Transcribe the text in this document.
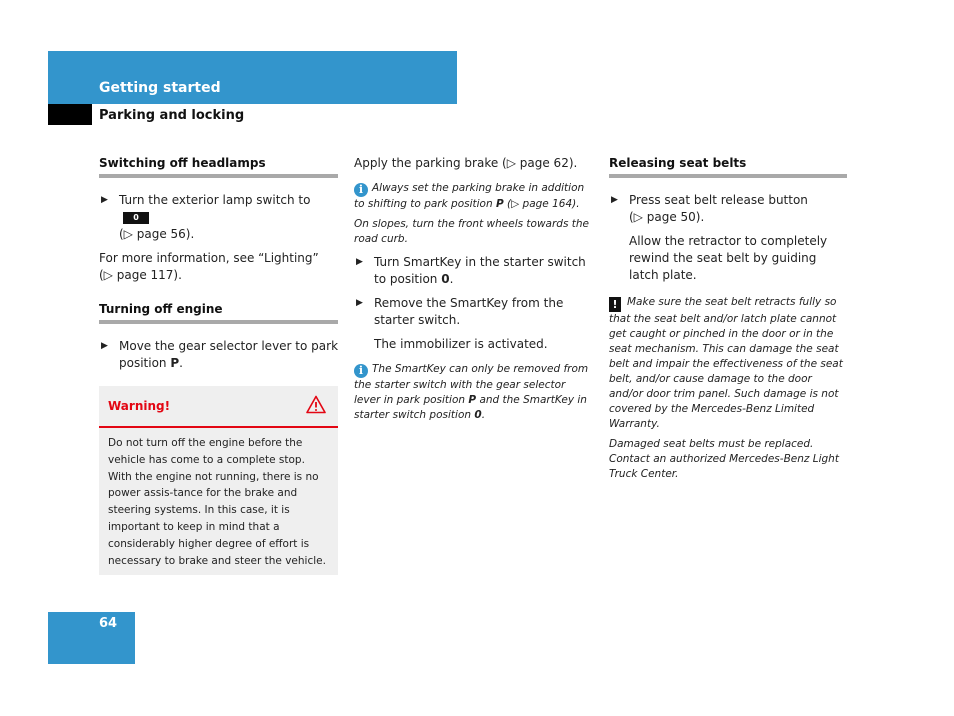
Getting started
Parking and locking

Switching off headlamps

▶ Turn the exterior lamp switch to 0
(▷ page 56).

For more information, see “Lighting”
(▷ page 117).

Turning off engine

▶ Move the gear selector lever to park position P.
Warning!
Do not turn off the engine before the vehicle has come to a complete stop. With the engine not running, there is no power assis-tance for the brake and steering systems. In this case, it is important to keep in mind that a considerably higher degree of effort is necessary to brake and steer the vehicle.

Apply the parking brake (▷ page 62).

i Always set the parking brake in addition to shifting to park position P (▷ page 164).

On slopes, turn the front wheels towards the road curb.

▶ Turn SmartKey in the starter switch to position 0.
▶ Remove the SmartKey from the starter switch.

The immobilizer is activated.

i The SmartKey can only be removed from the starter switch with the gear selector lever in park position P and the SmartKey in starter switch position 0.

Releasing seat belts

▶ Press seat belt release button
(▷ page 50).

Allow the retractor to completely rewind the seat belt by guiding latch plate.

! Make sure the seat belt retracts fully so that the seat belt and/or latch plate cannot get caught or pinched in the door or in the seat mechanism. This can damage the seat belt and impair the effectiveness of the seat belt, and/or cause damage to the door and/or door trim panel. Such damage is not covered by the Mercedes-Benz Limited Warranty.

Damaged seat belts must be replaced. Contact an authorized Mercedes-Benz Light Truck Center.

64
